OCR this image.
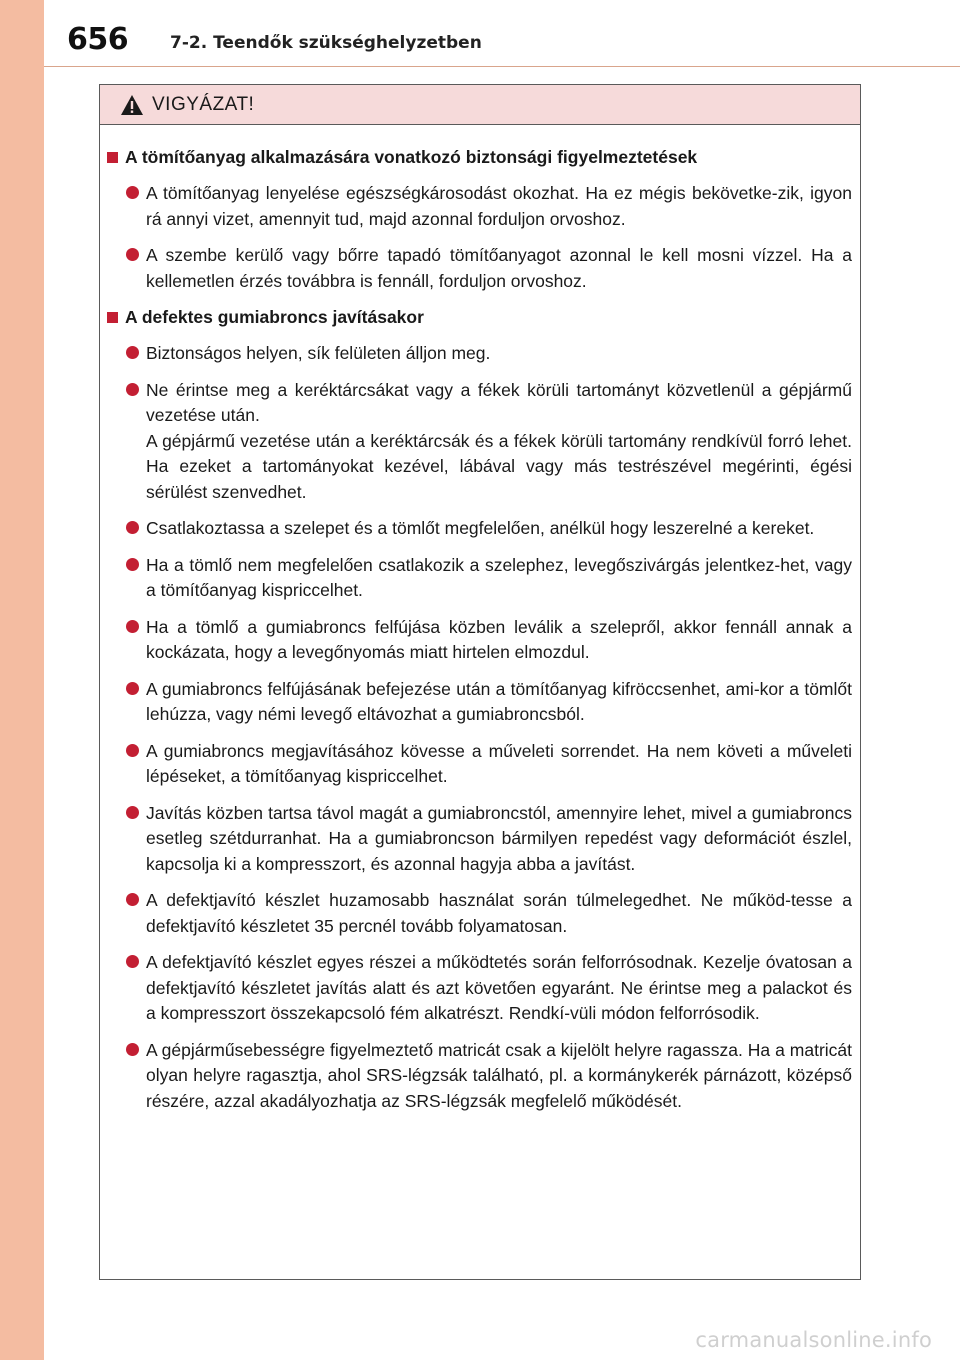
656 7-2. Teendők szükséghelyzetben
VIGYÁZAT!
A tömítőanyag alkalmazására vonatkozó biztonsági figyelmeztetések

A tömítőanyag lenyelése egészségkárosodást okozhat. Ha ez mégis bekövetke-zik, igyon rá annyi vizet, amennyit tud, majd azonnal forduljon orvoshoz.

A szembe kerülő vagy bőrre tapadó tömítőanyagot azonnal le kell mosni vízzel. Ha a kellemetlen érzés továbbra is fennáll, forduljon orvoshoz.

A defektes gumiabroncs javításakor

Biztonságos helyen, sík felületen álljon meg.

Ne érintse meg a keréktárcsákat vagy a fékek körüli tartományt közvetlenül a gépjármű vezetése után.

A gépjármű vezetése után a keréktárcsák és a fékek körüli tartomány rendkívül forró lehet. Ha ezeket a tartományokat kezével, lábával vagy más testrészével megérinti, égési sérülést szenvedhet.

Csatlakoztassa a szelepet és a tömlőt megfelelően, anélkül hogy leszerelné a kereket.

Ha a tömlő nem megfelelően csatlakozik a szelephez, levegőszivárgás jelentkez-het, vagy a tömítőanyag kispriccelhet.

Ha a tömlő a gumiabroncs felfújása közben leválik a szelepről, akkor fennáll annak a kockázata, hogy a levegőnyomás miatt hirtelen elmozdul.

A gumiabroncs felfújásának befejezése után a tömítőanyag kifröccsenhet, ami-kor a tömlőt lehúzza, vagy némi levegő eltávozhat a gumiabroncsból.

A gumiabroncs megjavításához kövesse a műveleti sorrendet. Ha nem követi a műveleti lépéseket, a tömítőanyag kispriccelhet.

Javítás közben tartsa távol magát a gumiabroncstól, amennyire lehet, mivel a gumiabroncs esetleg szétdurranhat. Ha a gumiabroncson bármilyen repedést vagy deformációt észlel, kapcsolja ki a kompresszort, és azonnal hagyja abba a javítást.

A defektjavító készlet huzamosabb használat során túlmelegedhet. Ne működ-tesse a defektjavító készletet 35 percnél tovább folyamatosan.

A defektjavító készlet egyes részei a működtetés során felforrósodnak. Kezelje óvatosan a defektjavító készletet javítás alatt és azt követően egyaránt. Ne érintse meg a palackot és a kompresszort összekapcsoló fém alkatrészt. Rendkí-vüli módon felforrósodik.

A gépjárműsebességre figyelmeztető matricát csak a kijelölt helyre ragassza. Ha a matricát olyan helyre ragasztja, ahol SRS-légzsák található, pl. a kormánykerék párnázott, középső részére, azzal akadályozhatja az SRS-légzsák megfelelő működését.

carmanualsonline.info
